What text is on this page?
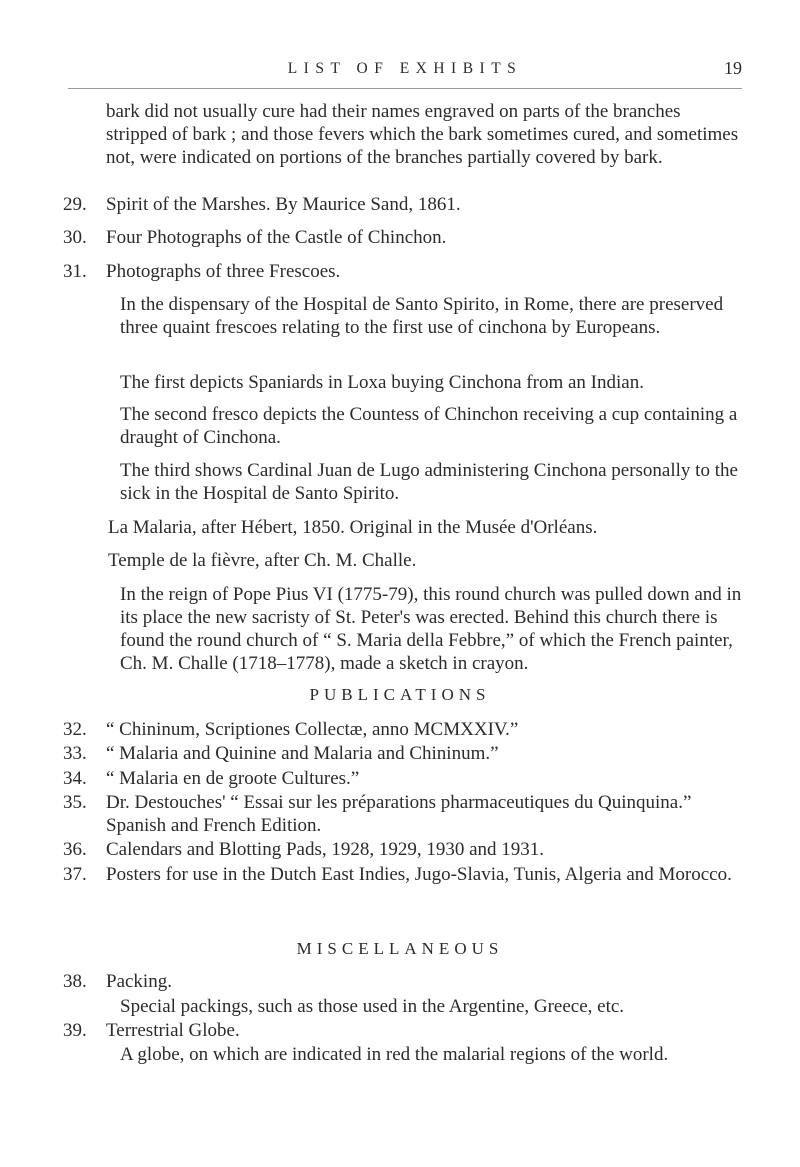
LIST OF EXHIBITS	19

bark did not usually cure had their names engraved on parts of the branches stripped of bark ; and those fevers which the bark sometimes cured, and sometimes not, were indicated on portions of the branches partially covered by bark.

29. Spirit of the Marshes. By Maurice Sand, 1861.

30. Four Photographs of the Castle of Chinchon.

31. Photographs of three Frescoes.

In the dispensary of the Hospital de Santo Spirito, in Rome, there are preserved three quaint frescoes relating to the first use of cinchona by Europeans.

The first depicts Spaniards in Loxa buying Cinchona from an Indian.

The second fresco depicts the Countess of Chinchon receiving a cup containing a draught of Cinchona.

The third shows Cardinal Juan de Lugo administering Cinchona personally to the sick in the Hospital de Santo Spirito.

La Malaria, after Hébert, 1850. Original in the Musée d'Orléans.

Temple de la fièvre, after Ch. M. Challe.

In the reign of Pope Pius VI (1775-79), this round church was pulled down and in its place the new sacristy of St. Peter's was erected. Behind this church there is found the round church of “ S. Maria della Febbre,” of which the French painter, Ch. M. Challe (1718–1778), made a sketch in crayon.

PUBLICATIONS
32. “ Chininum, Scriptiones Collectæ, anno MCMXXIV.”

33. “ Malaria and Quinine and Malaria and Chininum.”

34. “ Malaria en de groote Cultures.”

35. Dr. Destouches' “ Essai sur les préparations pharmaceutiques du Quinquina.” Spanish and French Edition.

36. Calendars and Blotting Pads, 1928, 1929, 1930 and 1931.

37. Posters for use in the Dutch East Indies, Jugo-Slavia, Tunis, Algeria and Morocco.

MISCELLANEOUS
38. Packing.

Special packings, such as those used in the Argentine, Greece, etc.

39. Terrestrial Globe.

A globe, on which are indicated in red the malarial regions of the world.
